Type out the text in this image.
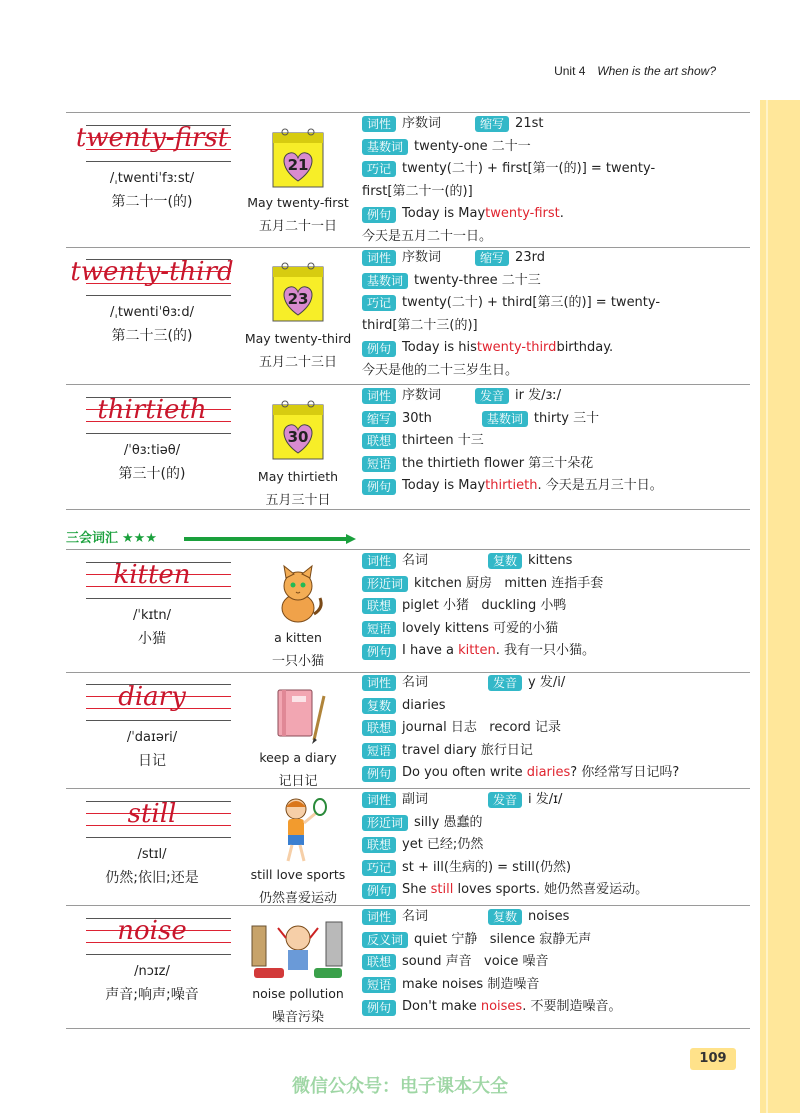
Unit 4 When is the art show?
twenty-first
/ˌtwentiˈfɜːst/
第二十一(的)
21
May twenty-first
五月二十一日
词性 序数词	缩写 21st
基数词 twenty-one 二十一
巧记 twenty(二十) + first[第一(的)] = twenty-
first[第二十一(的)]
例句 Today is May twenty-first .
今天是五月二十一日。
twenty-third
/ˌtwentiˈθɜːd/
第二十三(的)
23
May twenty-third
五月二十三日
词性 序数词	缩写 23rd
基数词 twenty-three 二十三
巧记 twenty(二十) + third[第三(的)] = twenty-
third[第二十三(的)]
例句 Today is his twenty-third birthday.
今天是他的二十三岁生日。
thirtieth
/ˈθɜːtiəθ/
第三十(的)
30
May thirtieth
五月三十日
词性 序数词	发音 ir 发/ɜː/
缩写 30th	基数词 thirty 三十
联想 thirteen 十三
短语 the thirtieth flower 第三十朵花
例句 Today is May thirtieth . 今天是五月三十日。
三会词汇 ★★★
kitten
/ˈkɪtn/
小猫	a kitten
一只小猫
词性 名词	复数 kittens
形近词 kitchen 厨房   mitten 连指手套
联想 piglet 小猪   duckling 小鸭
短语 lovely kittens 可爱的小猫
例句 I have a kitten . 我有一只小猫。
diary
/ˈdaɪəri/
日记	keep a diary
记日记
词性 名词	发音 y 发/i/
复数 diaries
联想 journal 日志   record 记录
短语 travel diary 旅行日记
例句 Do you often write diaries ? 你经常写日记吗?
still
/stɪl/
仍然;依旧;还是	still love sports
仍然喜爱运动
词性 副词	发音 i 发/ɪ/
形近词 silly 愚蠢的
联想 yet 已经;仍然
巧记 st + ill(生病的) = still(仍然)
例句 She still loves sports. 她仍然喜爱运动。
noise
/nɔɪz/
声音;响声;噪音	noise pollution
噪音污染
词性 名词	复数 noises
反义词 quiet 宁静   silence 寂静无声
联想 sound 声音   voice 噪音
短语 make noises 制造噪音
例句 Don't make noises . 不要制造噪音。
109
微信公众号：电子课本大全
